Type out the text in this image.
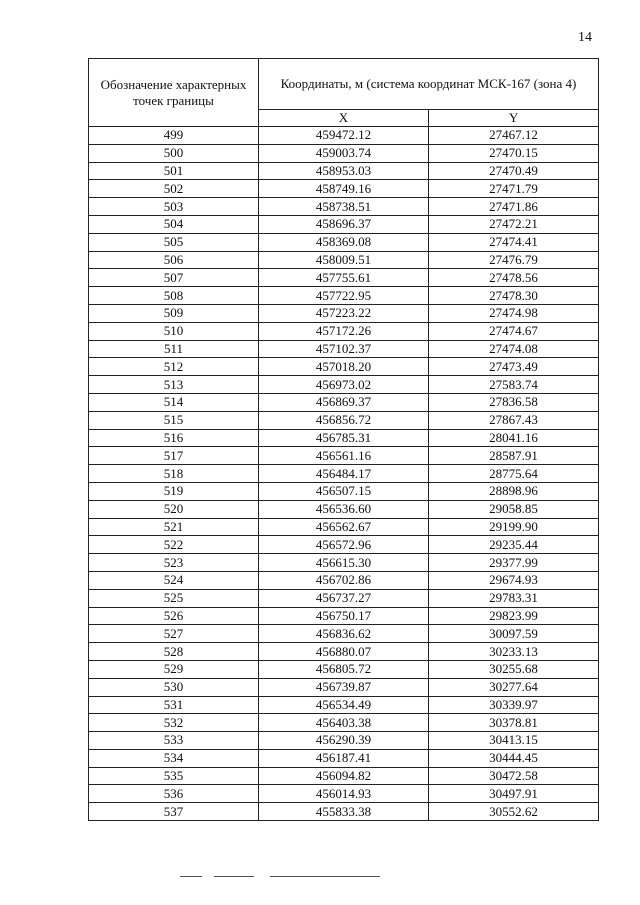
14
Обозначение характерных точек границы	Координаты, м (система координат МСК-167 (зона 4)	
	X	Y
499	459472.12	27467.12
500	459003.74	27470.15
501	458953.03	27470.49
502	458749.16	27471.79
503	458738.51	27471.86
504	458696.37	27472.21
505	458369.08	27474.41
506	458009.51	27476.79
507	457755.61	27478.56
508	457722.95	27478.30
509	457223.22	27474.98
510	457172.26	27474.67
511	457102.37	27474.08
512	457018.20	27473.49
513	456973.02	27583.74
514	456869.37	27836.58
515	456856.72	27867.43
516	456785.31	28041.16
517	456561.16	28587.91
518	456484.17	28775.64
519	456507.15	28898.96
520	456536.60	29058.85
521	456562.67	29199.90
522	456572.96	29235.44
523	456615.30	29377.99
524	456702.86	29674.93
525	456737.27	29783.31
526	456750.17	29823.99
527	456836.62	30097.59
528	456880.07	30233.13
529	456805.72	30255.68
530	456739.87	30277.64
531	456534.49	30339.97
532	456403.38	30378.81
533	456290.39	30413.15
534	456187.41	30444.45
535	456094.82	30472.58
536	456014.93	30497.91
537	455833.38	30552.62
